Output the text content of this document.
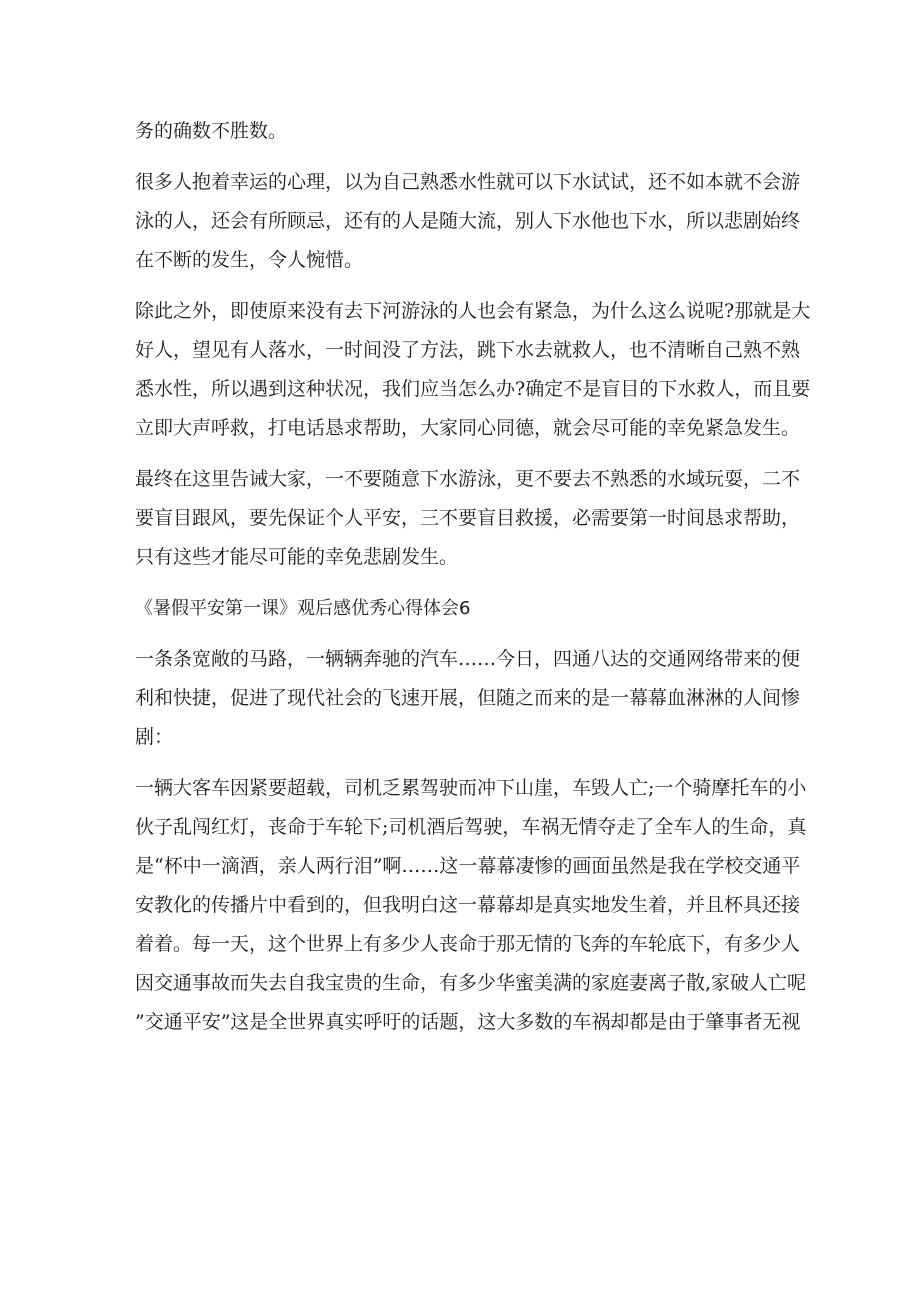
务的确数不胜数。
很多人抱着幸运的心理，以为自己熟悉水性就可以下水试试，还不如本就不会游
泳的人，还会有所顾忌，还有的人是随大流，别人下水他也下水，所以悲剧始终
在不断的发生，令人惋惜。
除此之外，即使原来没有去下河游泳的人也会有紧急，为什么这么说呢?那就是大
好人，望见有人落水，一时间没了方法，跳下水去就救人，也不清晰自己熟不熟
悉水性，所以遇到这种状况，我们应当怎么办?确定不是盲目的下水救人，而且要
立即大声呼救，打电话恳求帮助，大家同心同德，就会尽可能的幸免紧急发生。
最终在这里告诫大家，一不要随意下水游泳，更不要去不熟悉的水域玩耍，二不
要盲目跟风，要先保证个人平安，三不要盲目救援，必需要第一时间恳求帮助，
只有这些才能尽可能的幸免悲剧发生。
《暑假平安第一课》观后感优秀心得体会6
一条条宽敞的马路，一辆辆奔驰的汽车……今日，四通八达的交通网络带来的便
利和快捷，促进了现代社会的飞速开展，但随之而来的是一幕幕血淋淋的人间惨
剧：
一辆大客车因紧要超载，司机乏累驾驶而冲下山崖，车毁人亡;一个骑摩托车的小
伙子乱闯红灯，丧命于车轮下;司机酒后驾驶，车祸无情夺走了全车人的生命，真
是“杯中一滴酒，亲人两行泪”啊……这一幕幕凄惨的画面虽然是我在学校交通平
安教化的传播片中看到的，但我明白这一幕幕却是真实地发生着，并且杯具还接
着着。每一天，这个世界上有多少人丧命于那无情的飞奔的车轮底下，有多少人
因交通事故而失去自我宝贵的生命，有多少华蜜美满的家庭妻离子散,家破人亡呢
”交通平安”这是全世界真实呼吁的话题，这大多数的车祸却都是由于肇事者无视
